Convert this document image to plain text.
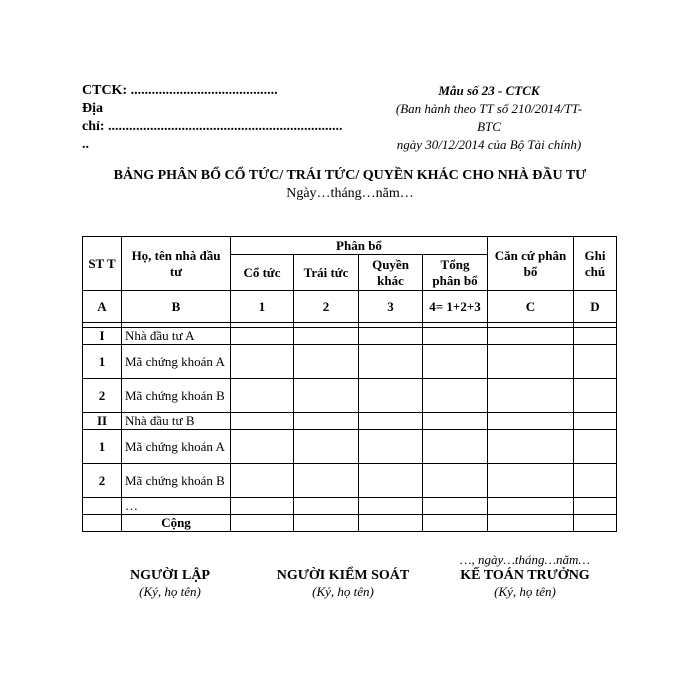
CTCK: ..........................................
Địa
chỉ: ...................................................................
..
Mẫu số 23 - CTCK
(Ban hành theo TT số 210/2014/TT-
BTC
ngày 30/12/2014 của Bộ Tài chính)
BẢNG PHÂN BỔ CỔ TỨC/ TRÁI TỨC/ QUYỀN KHÁC CHO NHÀ ĐẦU TƯ
Ngày…tháng…năm…
ST T	Họ, tên nhà đầu tư	Phân bổ				Căn cứ phân bổ	Ghi chú
		Cổ tức	Trái tức	Quyền khác	Tổng phân bổ		
A	B	1	2	3	4= 1+2+3	C	D

I	Nhà đầu tư A						
1	Mã chứng khoán A						
2	Mã chứng khoán B						
II	Nhà đầu tư B						
1	Mã chứng khoán A						
2	Mã chứng khoán B						
	…						
	Cộng						
…, ngày…tháng…năm…
NGƯỜI LẬP
(Ký, họ tên)
NGƯỜI KIỂM SOÁT
(Ký, họ tên)
KẾ TOÁN TRƯỞNG
(Ký, họ tên)
